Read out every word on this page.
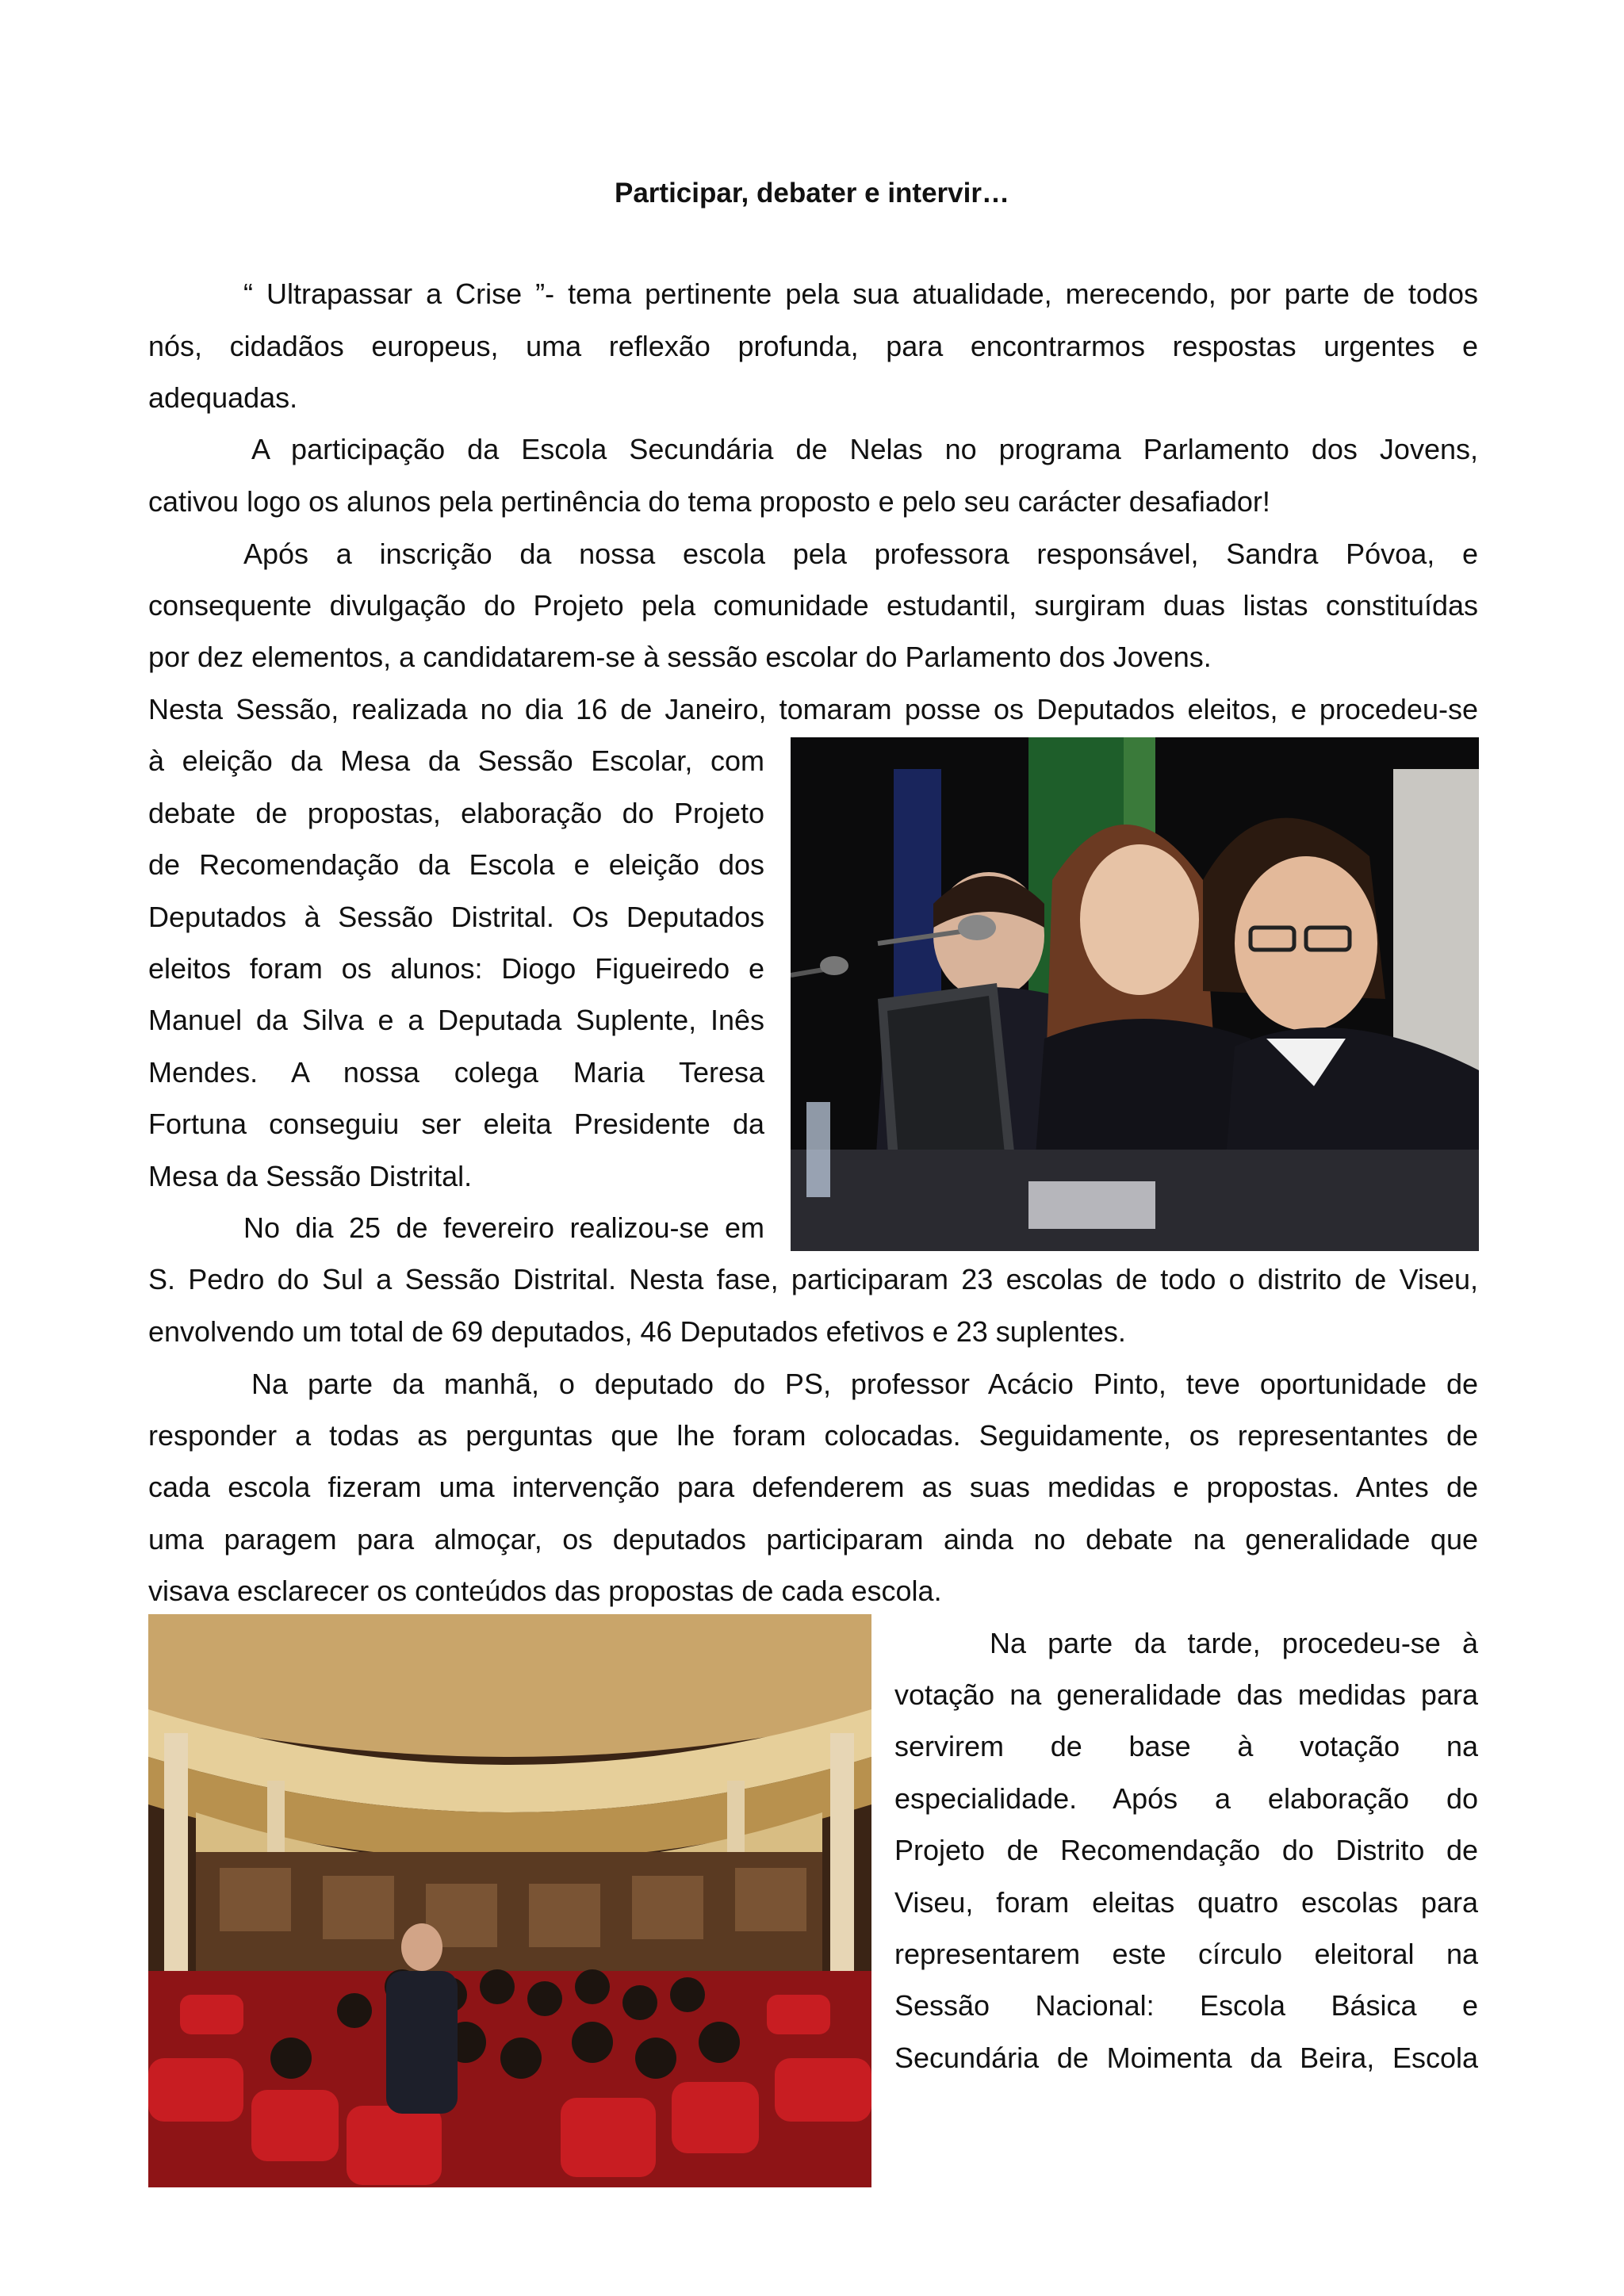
Participar, debater e intervir…

“ Ultrapassar a Crise ”- tema pertinente pela sua atualidade, merecendo, por parte de todos

nós, cidadãos europeus, uma reflexão profunda, para encontrarmos respostas urgentes e

adequadas.

A participação da Escola Secundária de Nelas no programa Parlamento dos Jovens,

cativou logo os alunos pela pertinência do tema proposto e pelo seu carácter desafiador!

Após a inscrição da nossa escola pela professora responsável, Sandra Póvoa, e

consequente divulgação do Projeto pela comunidade estudantil, surgiram duas listas constituídas

por dez elementos, a candidatarem-se à sessão escolar do Parlamento dos Jovens.

Nesta Sessão, realizada no dia 16 de Janeiro, tomaram posse os Deputados eleitos, e procedeu-se

à eleição da Mesa da Sessão Escolar, com

debate de propostas, elaboração do Projeto

de Recomendação da Escola e eleição dos

Deputados à Sessão Distrital. Os Deputados

eleitos foram os alunos: Diogo Figueiredo e

Manuel da Silva e a Deputada Suplente, Inês

Mendes. A nossa colega Maria Teresa

Fortuna conseguiu ser eleita Presidente da

Mesa da Sessão Distrital.

No dia 25 de fevereiro realizou-se em

S. Pedro do Sul a Sessão Distrital. Nesta fase, participaram 23 escolas de todo o distrito de Viseu,

envolvendo um total de 69 deputados, 46 Deputados efetivos e 23 suplentes.

Na parte da manhã, o deputado do PS, professor Acácio Pinto, teve oportunidade de

responder a todas as perguntas que lhe foram colocadas. Seguidamente, os representantes de

cada escola fizeram uma intervenção para defenderem as suas medidas e propostas. Antes de

uma paragem para almoçar, os deputados participaram ainda no debate na generalidade que

visava esclarecer os conteúdos das propostas de cada escola.

Na parte da tarde, procedeu-se à

votação na generalidade das medidas para

servirem de base à votação na

especialidade. Após a elaboração do

Projeto de Recomendação do Distrito de

Viseu, foram eleitas quatro escolas para

representarem este círculo eleitoral na

Sessão Nacional: Escola Básica e

Secundária de Moimenta da Beira, Escola
